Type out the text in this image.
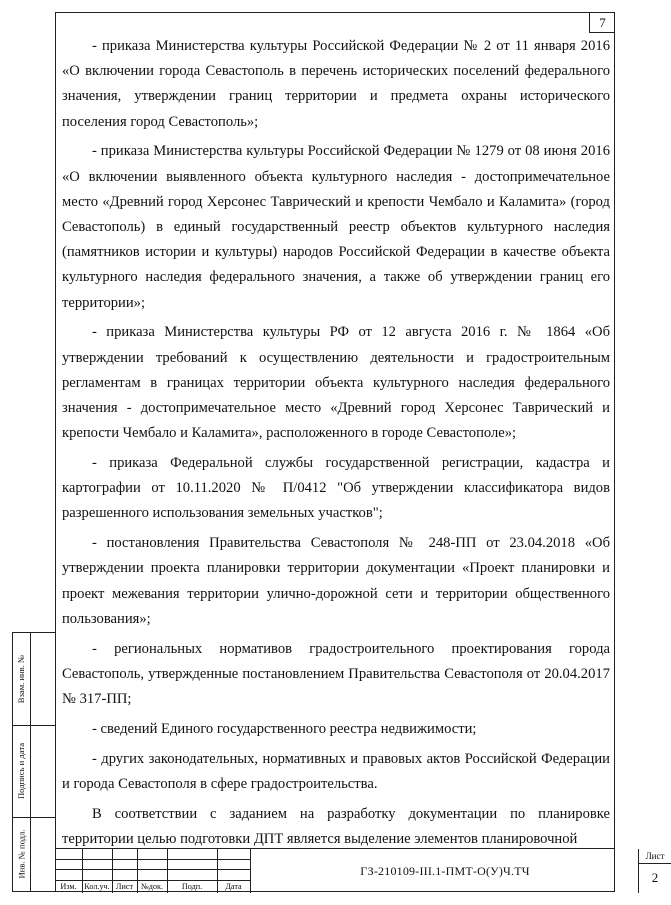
7

- приказа Министерства культуры Российской Федерации № 2 от 11 января 2016 «О включении города Севастополь в перечень исторических поселений федерального значения, утверждении границ территории и предмета охраны исторического поселения город Севастополь»;

- приказа Министерства культуры Российской Федерации № 1279 от 08 июня 2016 «О включении выявленного объекта культурного наследия - достопримечательное место «Древний город Херсонес Таврический и крепости Чембало и Каламита» (город Севастополь) в единый государственный реестр объектов культурного наследия (памятников истории и культуры) народов Российской Федерации в качестве объекта культурного наследия федерального значения, а также об утверждении границ его территории»;

- приказа Министерства культуры РФ от 12 августа 2016 г. № 1864 «Об утверждении требований к осуществлению деятельности и градостроительным регламентам в границах территории объекта культурного наследия федерального значения - достопримечательное место «Древний город Херсонес Таврический и крепости Чембало и Каламита», расположенного в городе Севастополе»;

- приказа Федеральной службы государственной регистрации, кадастра и картографии от 10.11.2020 № П/0412 "Об утверждении классификатора видов разрешенного использования земельных участков";

- постановления Правительства Севастополя № 248-ПП от 23.04.2018 «Об утверждении проекта планировки территории документации «Проект планировки и проект межевания территории улично-дорожной сети и территории общественного пользования»;

- региональных нормативов градостроительного проектирования города Севастополь, утвержденные постановлением Правительства Севастополя от 20.04.2017 № 317-ПП;

- сведений Единого государственного реестра недвижимости;

- других законодательных, нормативных и правовых актов Российской Федерации и города Севастополя в сфере градостроительства.

В соответствии с заданием на разработку документации по планировке территории целью подготовки ДПТ является выделение элементов планировочной

Взам. инв. №
Подпись и дата
Инв. № подл.
Изм. Кол.уч. Лист №док.	Подп.	Дата
ГЗ-210109-III.1-ПМТ-О(У)Ч.ТЧ
Лист
2
